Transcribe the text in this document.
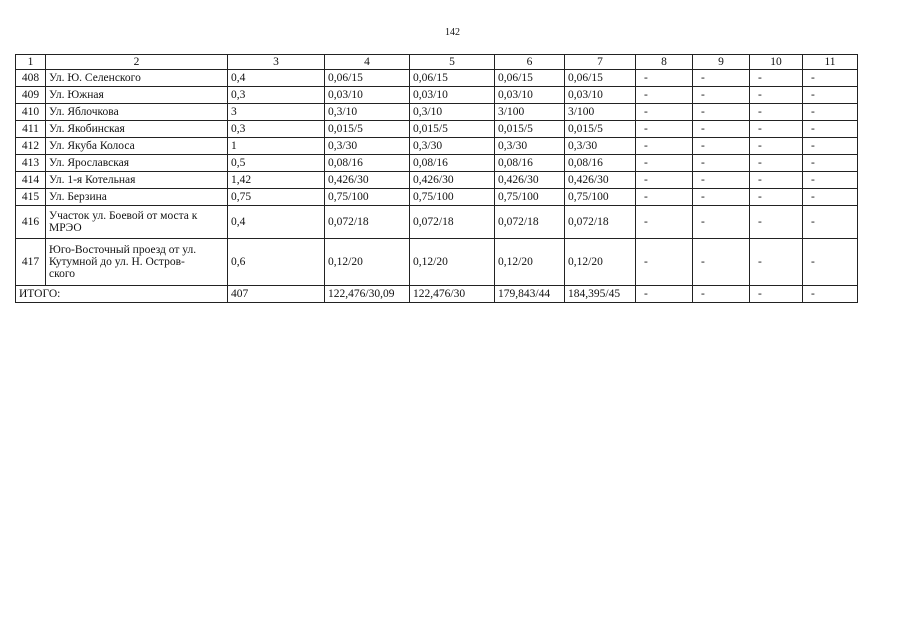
142
1	2	3	4	5	6	7	8	9	10	11
408	Ул. Ю. Селенского	0,4	0,06/15	0,06/15	0,06/15	0,06/15	-	-	-	-
409	Ул. Южная	0,3	0,03/10	0,03/10	0,03/10	0,03/10	-	-	-	-
410	Ул. Яблочкова	3	0,3/10	0,3/10	3/100	3/100	-	-	-	-
411	Ул. Якобинская	0,3	0,015/5	0,015/5	0,015/5	0,015/5	-	-	-	-
412	Ул. Якуба Колоса	1	0,3/30	0,3/30	0,3/30	0,3/30	-	-	-	-
413	Ул. Ярославская	0,5	0,08/16	0,08/16	0,08/16	0,08/16	-	-	-	-
414	Ул. 1-я Котельная	1,42	0,426/30	0,426/30	0,426/30	0,426/30	-	-	-	-
415	Ул. Берзина	0,75	0,75/100	0,75/100	0,75/100	0,75/100	-	-	-	-
416	Участок ул. Боевой от моста к МРЭО	0,4	0,072/18	0,072/18	0,072/18	0,072/18	-	-	-	-
417	Юго-Восточный проезд от ул.
Кутумной до ул. Н. Остров-
ского	0,6	0,12/20	0,12/20	0,12/20	0,12/20	-	-	-	-
ИТОГО:		407	122,476/30,09	122,476/30	179,843/44	184,395/45	-	-	-	-
